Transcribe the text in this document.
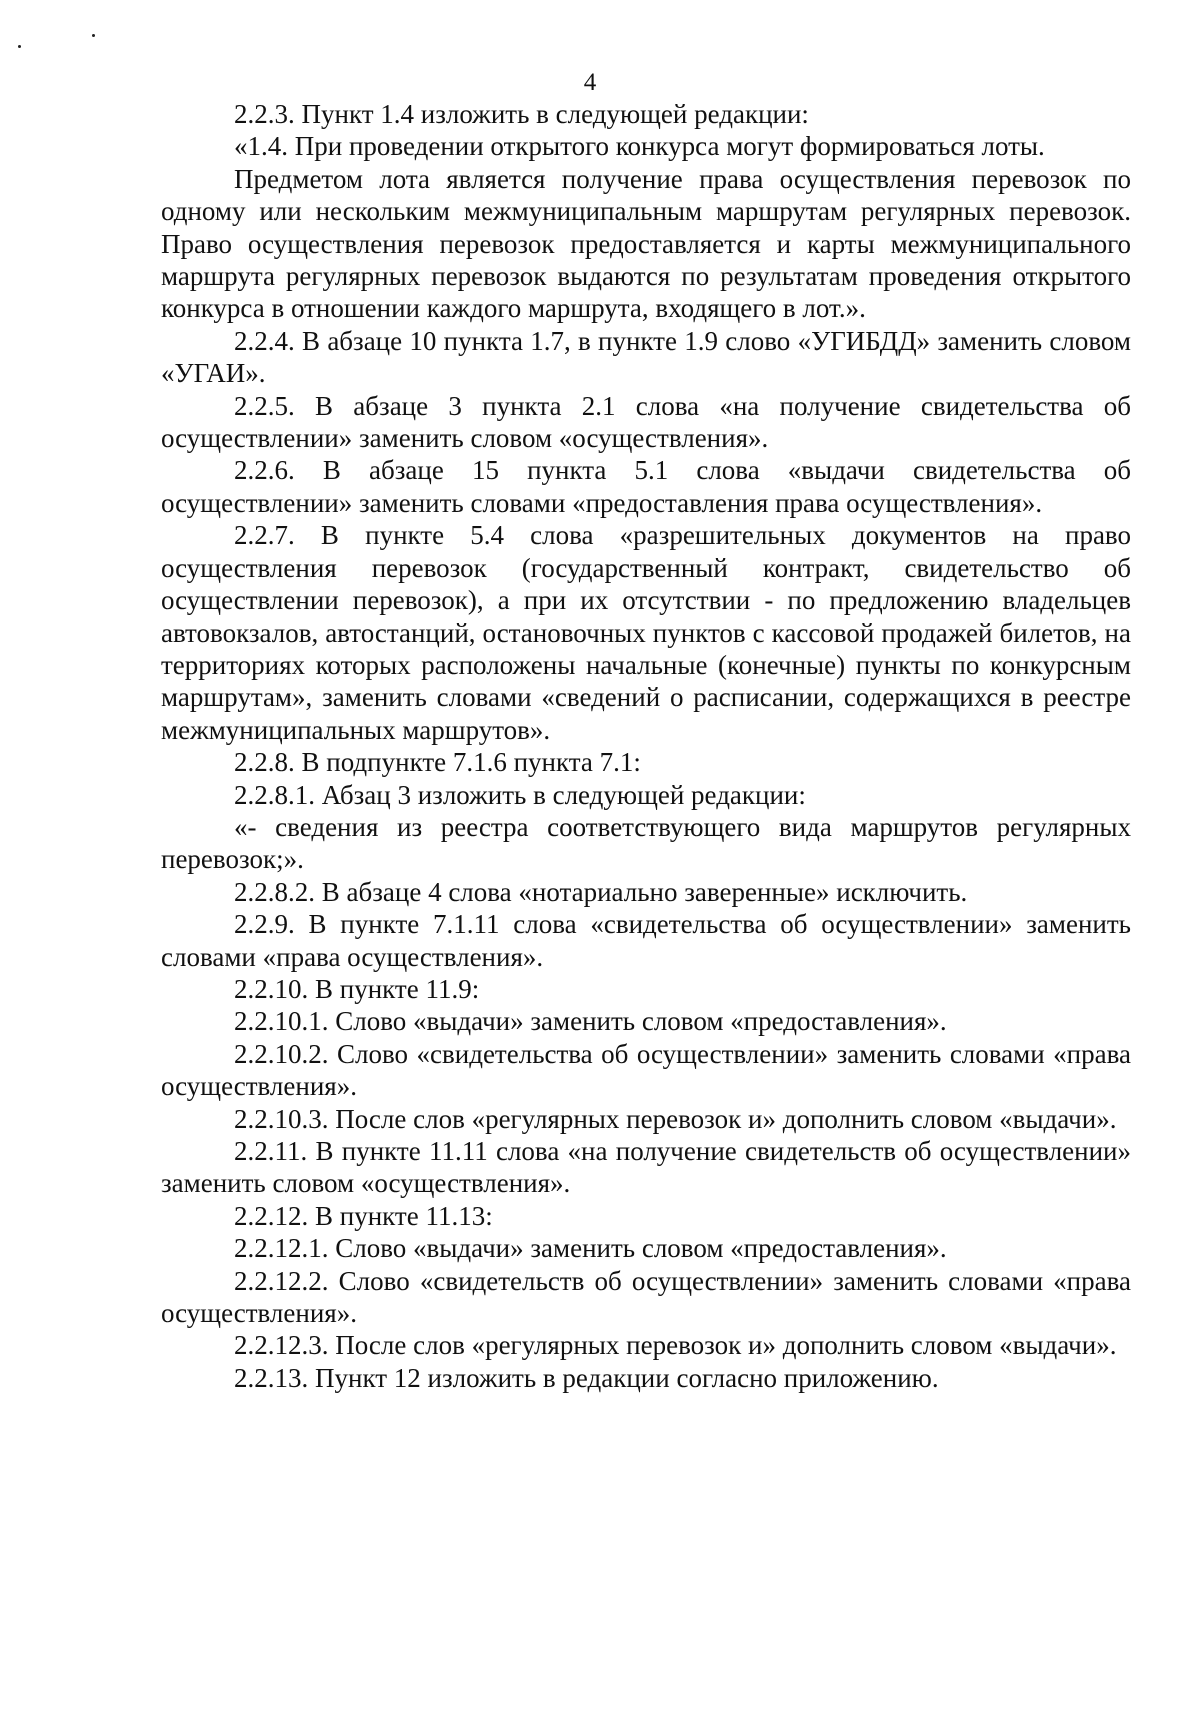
4

2.2.3. Пункт 1.4 изложить в следующей редакции:

«1.4. При проведении открытого конкурса могут формироваться лоты.

Предметом лота является получение права осуществления перевозок по одному или нескольким межмуниципальным маршрутам регулярных перевозок. Право осуществления перевозок предоставляется и карты межмуниципального маршрута регулярных перевозок выдаются по результатам проведения открытого конкурса в отношении каждого маршрута, входящего в лот.».

2.2.4. В абзаце 10 пункта 1.7, в пункте 1.9 слово «УГИБДД» заменить словом «УГАИ».

2.2.5. В абзаце 3 пункта 2.1 слова «на получение свидетельства об осуществлении» заменить словом «осуществления».

2.2.6. В абзаце 15 пункта 5.1 слова «выдачи свидетельства об осуществлении» заменить словами «предоставления права осуществления».

2.2.7. В пункте 5.4 слова «разрешительных документов на право осуществления перевозок (государственный контракт, свидетельство об осуществлении перевозок), а при их отсутствии - по предложению владельцев автовокзалов, автостанций, остановочных пунктов с кассовой продажей билетов, на территориях которых расположены начальные (конечные) пункты по конкурсным маршрутам», заменить словами «сведений о расписании, содержащихся в реестре межмуниципальных маршрутов».

2.2.8. В подпункте 7.1.6 пункта 7.1:

2.2.8.1. Абзац 3 изложить в следующей редакции:

«- сведения из реестра соответствующего вида маршрутов регулярных перевозок;».

2.2.8.2. В абзаце 4 слова «нотариально заверенные» исключить.

2.2.9. В пункте 7.1.11 слова «свидетельства об осуществлении» заменить словами «права осуществления».

2.2.10. В пункте 11.9:

2.2.10.1. Слово «выдачи» заменить словом «предоставления».

2.2.10.2. Слово «свидетельства об осуществлении» заменить словами «права осуществления».

2.2.10.3. После слов «регулярных перевозок и» дополнить словом «выдачи».

2.2.11. В пункте 11.11 слова «на получение свидетельств об осуществлении» заменить словом «осуществления».

2.2.12. В пункте 11.13:

2.2.12.1. Слово «выдачи» заменить словом «предоставления».

2.2.12.2. Слово «свидетельств об осуществлении» заменить словами «права осуществления».

2.2.12.3. После слов «регулярных перевозок и» дополнить словом «выдачи».

2.2.13. Пункт 12 изложить в редакции согласно приложению.
